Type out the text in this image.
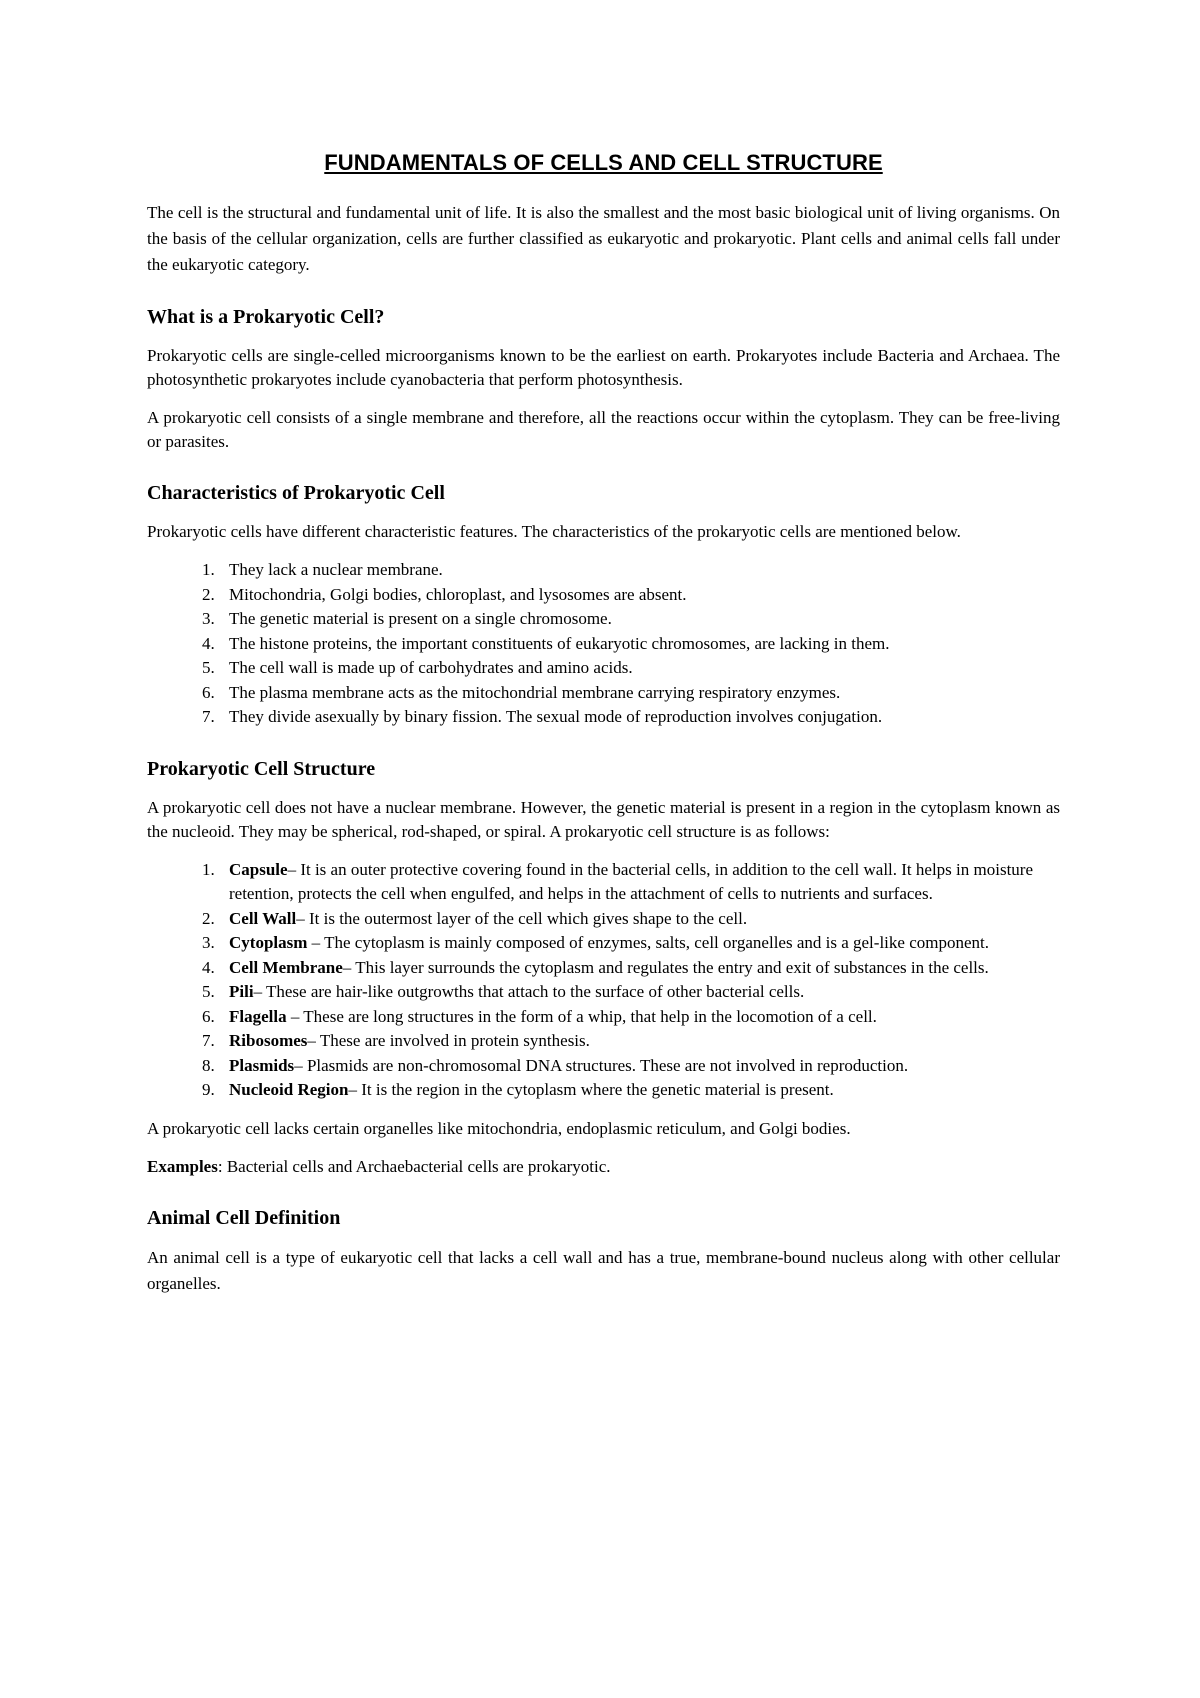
FUNDAMENTALS OF CELLS AND CELL STRUCTURE

The cell is the structural and fundamental unit of life. It is also the smallest and the most basic biological unit of living organisms. On the basis of the cellular organization, cells are further classified as eukaryotic and prokaryotic. Plant cells and animal cells fall under the eukaryotic category.

What is a Prokaryotic Cell?

Prokaryotic cells are single-celled microorganisms known to be the earliest on earth. Prokaryotes include Bacteria and Archaea. The photosynthetic prokaryotes include cyanobacteria that perform photosynthesis.

A prokaryotic cell consists of a single membrane and therefore, all the reactions occur within the cytoplasm. They can be free-living or parasites.

Characteristics of Prokaryotic Cell

Prokaryotic cells have different characteristic features. The characteristics of the prokaryotic cells are mentioned below.

1. They lack a nuclear membrane.
2. Mitochondria, Golgi bodies, chloroplast, and lysosomes are absent.
3. The genetic material is present on a single chromosome.
4. The histone proteins, the important constituents of eukaryotic chromosomes, are lacking in them.
5. The cell wall is made up of carbohydrates and amino acids.
6. The plasma membrane acts as the mitochondrial membrane carrying respiratory enzymes.
7. They divide asexually by binary fission. The sexual mode of reproduction involves conjugation.
Prokaryotic Cell Structure

A prokaryotic cell does not have a nuclear membrane. However, the genetic material is present in a region in the cytoplasm known as the nucleoid. They may be spherical, rod-shaped, or spiral. A prokaryotic cell structure is as follows:

1. Capsule– It is an outer protective covering found in the bacterial cells, in addition to the cell wall. It helps in moisture retention, protects the cell when engulfed, and helps in the attachment of cells to nutrients and surfaces.
2. Cell Wall– It is the outermost layer of the cell which gives shape to the cell.
3. Cytoplasm – The cytoplasm is mainly composed of enzymes, salts, cell organelles and is a gel-like component.
4. Cell Membrane– This layer surrounds the cytoplasm and regulates the entry and exit of substances in the cells.
5. Pili– These are hair-like outgrowths that attach to the surface of other bacterial cells.
6. Flagella – These are long structures in the form of a whip, that help in the locomotion of a cell.
7. Ribosomes– These are involved in protein synthesis.
8. Plasmids– Plasmids are non-chromosomal DNA structures. These are not involved in reproduction.
9. Nucleoid Region– It is the region in the cytoplasm where the genetic material is present.

A prokaryotic cell lacks certain organelles like mitochondria, endoplasmic reticulum, and Golgi bodies.

Examples: Bacterial cells and Archaebacterial cells are prokaryotic.

Animal Cell Definition

An animal cell is a type of eukaryotic cell that lacks a cell wall and has a true, membrane-bound nucleus along with other cellular organelles.
